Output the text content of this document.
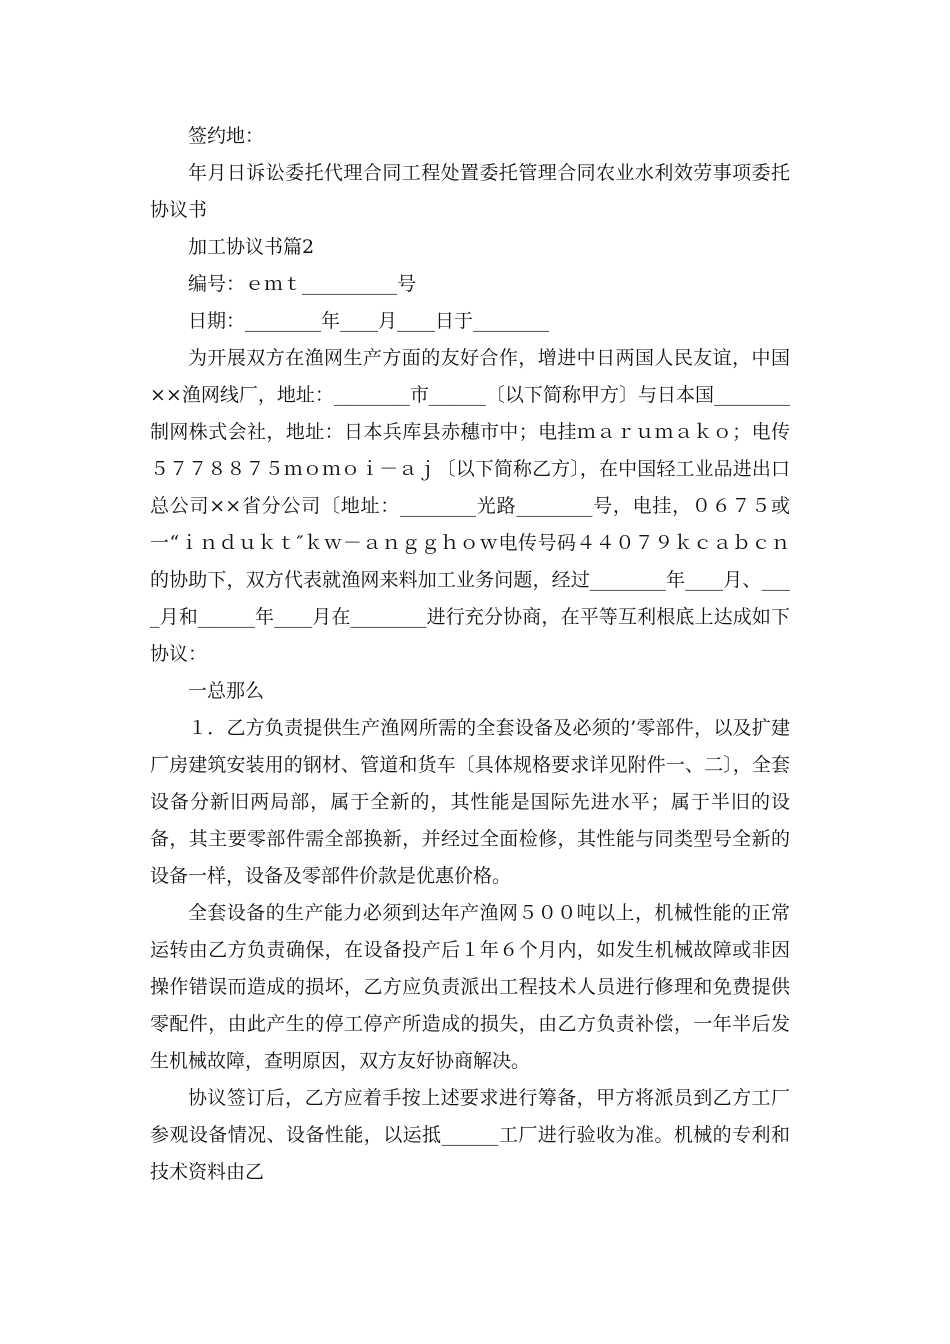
签约地：

年月日诉讼委托代理合同工程处置委托管理合同农业水利效劳事项委托协议书

加工协议书篇2

编号：ｅｍｔ__________号

日期：________年____月____日于________

为开展双方在渔网生产方面的友好合作，增进中日两国人民友谊，中国××渔网线厂，地址：________市______〔以下简称甲方〕与日本国________制网株式会社，地址：日本兵库县赤穗市中；电挂ｍａｒｕｍａｋｏ；电传５７７８８７５ｍｏｍｏｉ－ａｊ〔以下简称乙方〕，在中国轻工业品进出口总公司××省分公司〔地址：________光路________号，电挂，０６７５或一“ｉｎｄｕｋｔ″ｋｗ－ａｎｇｇｈｏｗ电传号码４４０７９ｋｃａｂｃｎ的协助下，双方代表就渔网来料加工业务问题，经过________年____月、____月和______年____月在________进行充分协商，在平等互利根底上达成如下协议：

一总那么

１．乙方负责提供生产渔网所需的全套设备及必须的’零部件，以及扩建厂房建筑安装用的钢材、管道和货车〔具体规格要求详见附件一、二〕，全套设备分新旧两局部，属于全新的，其性能是国际先进水平；属于半旧的设备，其主要零部件需全部换新，并经过全面检修，其性能与同类型号全新的设备一样，设备及零部件价款是优惠价格。

全套设备的生产能力必须到达年产渔网５００吨以上，机械性能的正常运转由乙方负责确保，在设备投产后１年６个月内，如发生机械故障或非因操作错误而造成的损坏，乙方应负责派出工程技术人员进行修理和免费提供零配件，由此产生的停工停产所造成的损失，由乙方负责补偿，一年半后发生机械故障，查明原因，双方友好协商解决。

协议签订后，乙方应着手按上述要求进行筹备，甲方将派员到乙方工厂参观设备情况、设备性能，以运抵______工厂进行验收为准。机械的专利和技术资料由乙
